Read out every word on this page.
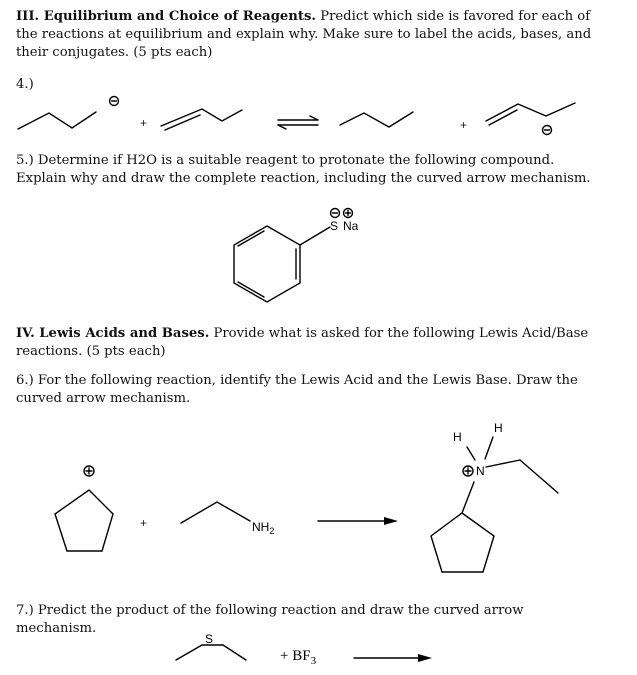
III. Equilibrium and Choice of Reagents. Predict which side is favored for each of the reactions at equilibrium and explain why. Make sure to label the acids, bases, and their conjugates. (5 pts each)
4.)
5.) Determine if H2O is a suitable reagent to protonate the following compound. Explain why and draw the complete reaction, including the curved arrow mechanism.
IV. Lewis Acids and Bases. Provide what is asked for the following Lewis Acid/Base reactions. (5 pts each)
6.) For the following reaction, identify the Lewis Acid and the Lewis Base. Draw the curved arrow mechanism.
7.) Predict the product of the following reaction and draw the curved arrow mechanism.
+	+
S Na
+	$NH_2$
N
H
H
S
+ $BF_3$
